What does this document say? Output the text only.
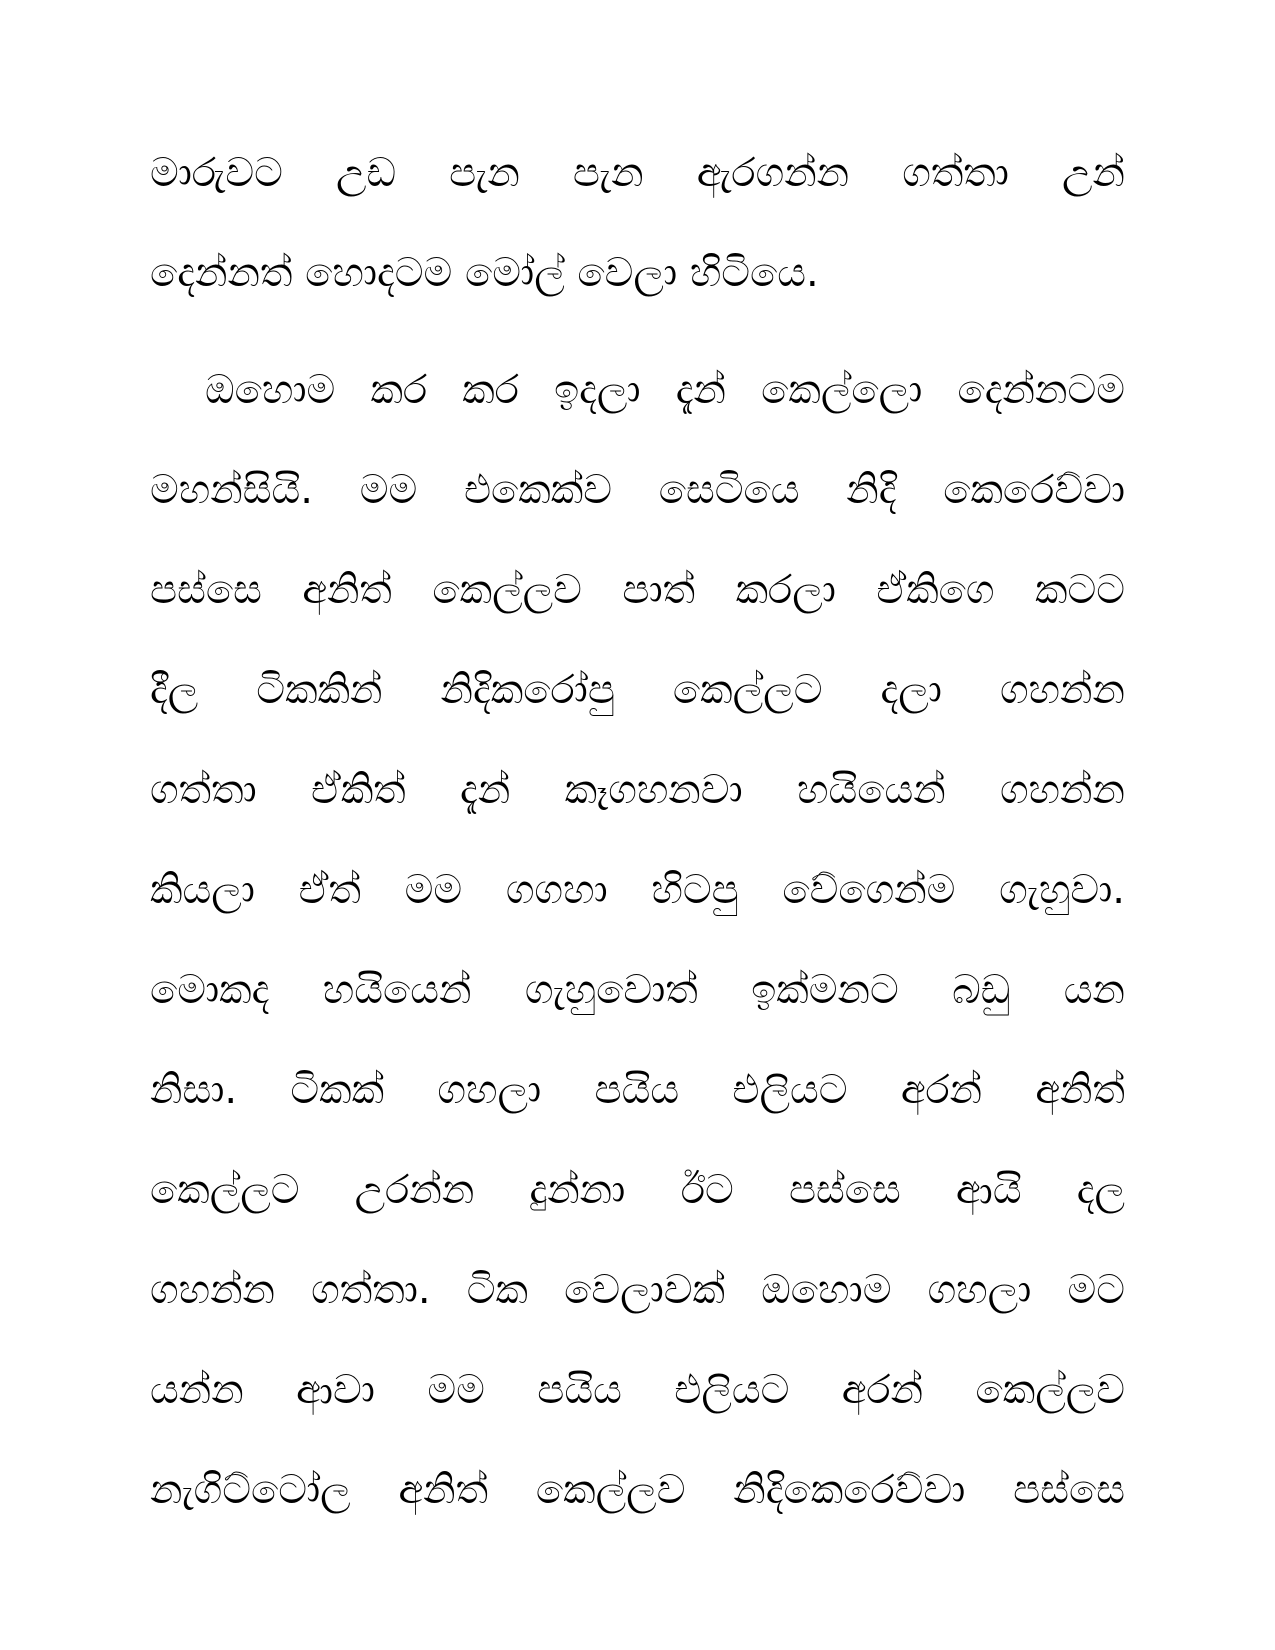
මාරුවට උඩ පැන පැන ඇරගන්න ගත්තා උන්
දෙන්නත් හොදටම මෝල් වෙලා හිටියෙ.
ඔහොම කර කර ඉදලා දැන් කෙල්ලො දෙන්නටම
මහන්සියි. මම එකෙක්ව සෙටියෙ නිදි කෙරෙව්වා
පස්සෙ අනිත් කෙල්ලව පාත් කරලා ඒකිගෙ කටට
දීල ටිකකින් නිදිකරෝපු කෙල්ලට දලා ගහන්න
ගත්තා ඒකිත් දැන් කෑගහනවා හයියෙන් ගහන්න
කියලා ඒත් මම ගගහා හිටපු වේගෙන්ම ගැහුවා.
මොකද හයියෙන් ගැහුවොත් ඉක්මනට බඩු යන
නිසා. ටිකක් ගහලා පයිය එලියට අරන් අනිත්
කෙල්ලට උරන්න දුන්නා ඊට පස්සෙ ආයි දල
ගහන්න ගත්තා. ටික වෙලාවක් ඔහොම ගහලා මට
යන්න ආවා මම පයිය එලියට අරන් කෙල්ලව
නැගිට්ටෝල අනිත් කෙල්ලව නිදිකෙරෙව්වා පස්සෙ
